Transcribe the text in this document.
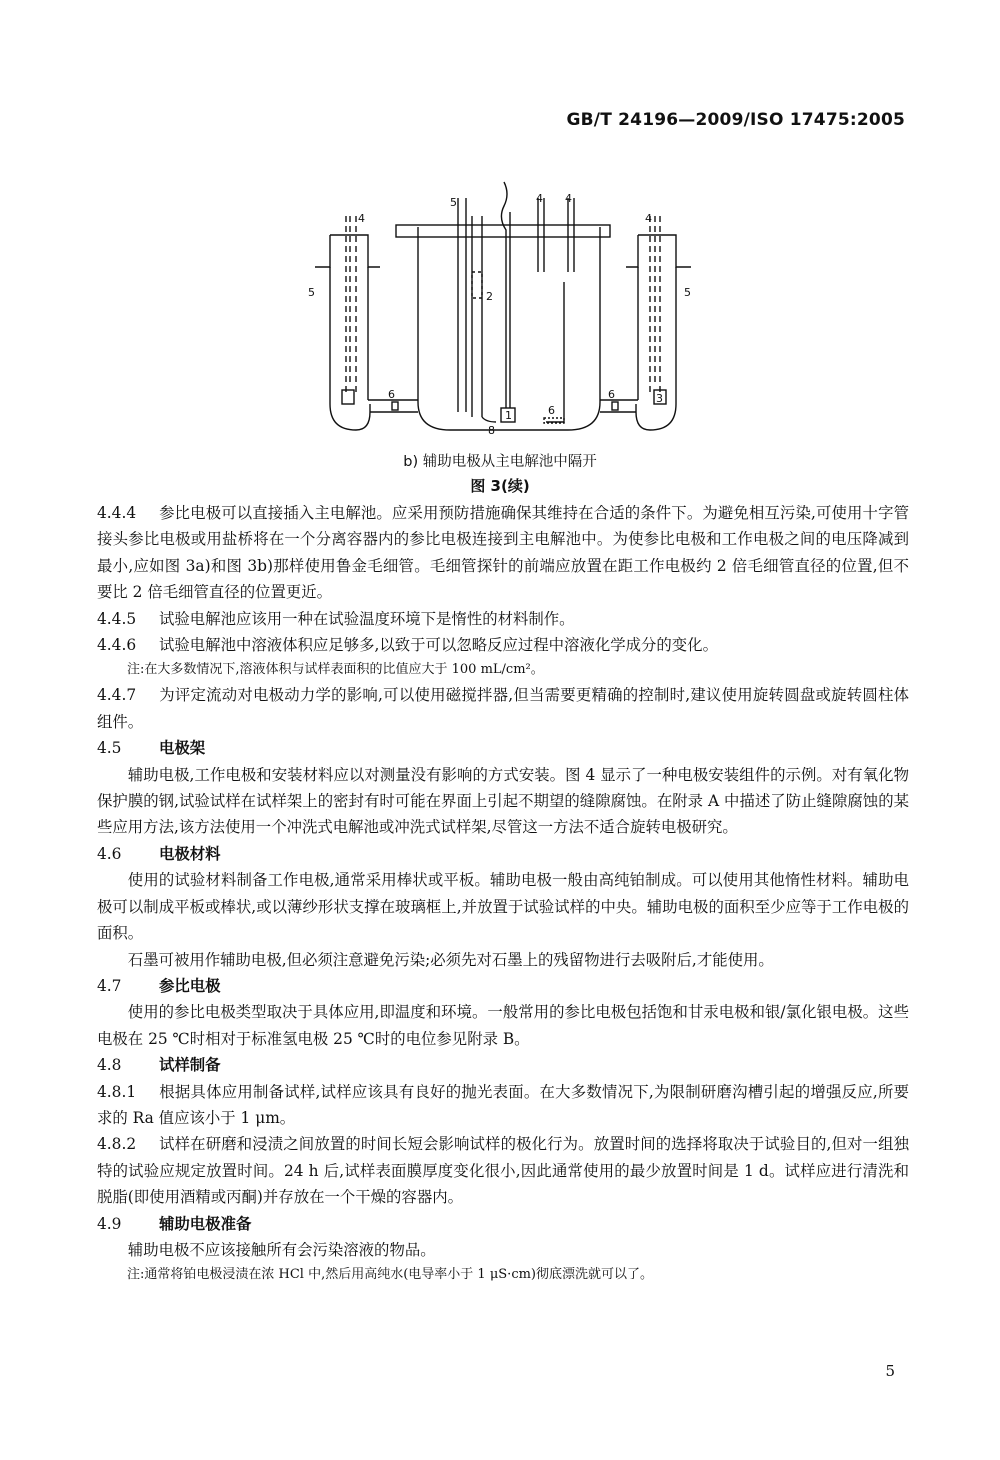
GB/T 24196—2009/ISO 17475:2005
4
5
6
5
2
1
8
6
4 4
6	3
4
5
b) 辅助电极从主电解池中隔开
图 3(续)

4.4.4 参比电极可以直接插入主电解池。应采用预防措施确保其维持在合适的条件下。为避免相互污染,可使用十字管接头参比电极或用盐桥将在一个分离容器内的参比电极连接到主电解池中。为使参比电极和工作电极之间的电压降减到最小,应如图 3a)和图 3b)那样使用鲁金毛细管。毛细管探针的前端应放置在距工作电极约 2 倍毛细管直径的位置,但不要比 2 倍毛细管直径的位置更近。

4.4.5 试验电解池应该用一种在试验温度环境下是惰性的材料制作。

4.4.6 试验电解池中溶液体积应足够多,以致于可以忽略反应过程中溶液化学成分的变化。

注:在大多数情况下,溶液体积与试样表面积的比值应大于 100 mL/cm²。

4.4.7 为评定流动对电极动力学的影响,可以使用磁搅拌器,但当需要更精确的控制时,建议使用旋转圆盘或旋转圆柱体组件。

4.5 电极架

辅助电极,工作电极和安装材料应以对测量没有影响的方式安装。图 4 显示了一种电极安装组件的示例。对有氧化物保护膜的钢,试验试样在试样架上的密封有时可能在界面上引起不期望的缝隙腐蚀。在附录 A 中描述了防止缝隙腐蚀的某些应用方法,该方法使用一个冲洗式电解池或冲洗式试样架,尽管这一方法不适合旋转电极研究。

4.6 电极材料

使用的试验材料制备工作电极,通常采用棒状或平板。辅助电极一般由高纯铂制成。可以使用其他惰性材料。辅助电极可以制成平板或棒状,或以薄纱形状支撑在玻璃框上,并放置于试验试样的中央。辅助电极的面积至少应等于工作电极的面积。

石墨可被用作辅助电极,但必须注意避免污染;必须先对石墨上的残留物进行去吸附后,才能使用。

4.7 参比电极

使用的参比电极类型取决于具体应用,即温度和环境。一般常用的参比电极包括饱和甘汞电极和银/氯化银电极。这些电极在 25 ℃时相对于标准氢电极 25 ℃时的电位参见附录 B。

4.8 试样制备

4.8.1 根据具体应用制备试样,试样应该具有良好的抛光表面。在大多数情况下,为限制研磨沟槽引起的增强反应,所要求的 Ra 值应该小于 1 μm。

4.8.2 试样在研磨和浸渍之间放置的时间长短会影响试样的极化行为。放置时间的选择将取决于试验目的,但对一组独特的试验应规定放置时间。24 h 后,试样表面膜厚度变化很小,因此通常使用的最少放置时间是 1 d。试样应进行清洗和脱脂(即使用酒精或丙酮)并存放在一个干燥的容器内。

4.9 辅助电极准备

辅助电极不应该接触所有会污染溶液的物品。

注:通常将铂电极浸渍在浓 HCl 中,然后用高纯水(电导率小于 1 μS·cm)彻底漂洗就可以了。

5
